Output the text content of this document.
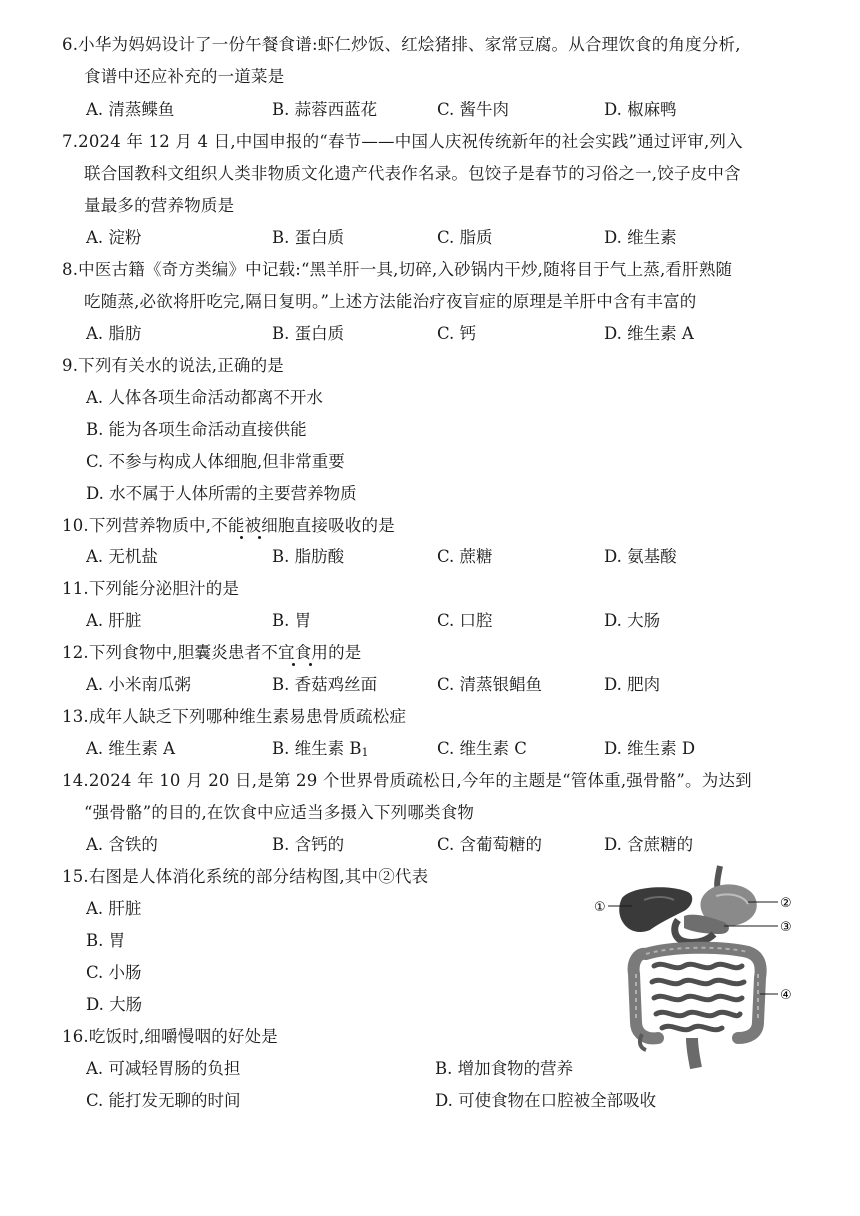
6.小华为妈妈设计了一份午餐食谱:虾仁炒饭、红烩猪排、家常豆腐。从合理饮食的角度分析,
食谱中还应补充的一道菜是
A. 清蒸鲽鱼	B. 蒜蓉西蓝花	C. 酱牛肉	D. 椒麻鸭
7.2024 年 12 月 4 日,中国申报的“春节——中国人庆祝传统新年的社会实践”通过评审,列入
联合国教科文组织人类非物质文化遗产代表作名录。包饺子是春节的习俗之一,饺子皮中含
量最多的营养物质是
A. 淀粉	B. 蛋白质	C. 脂质	D. 维生素
8.中医古籍《奇方类编》中记载:“黑羊肝一具,切碎,入砂锅内干炒,随将目于气上蒸,看肝熟随
吃随蒸,必欲将肝吃完,隔日复明。”上述方法能治疗夜盲症的原理是羊肝中含有丰富的
A. 脂肪	B. 蛋白质	C. 钙	D. 维生素 A
9.下列有关水的说法,正确的是
A. 人体各项生命活动都离不开水
B. 能为各项生命活动直接供能
C. 不参与构成人体细胞,但非常重要
D. 水不属于人体所需的主要营养物质
10.下列营养物质中,不能被细胞直接吸收的是
A. 无机盐	B. 脂肪酸	C. 蔗糖	D. 氨基酸
11.下列能分泌胆汁的是
A. 肝脏	B. 胃	C. 口腔	D. 大肠
12.下列食物中,胆囊炎患者不宜食用的是
A. 小米南瓜粥	B. 香菇鸡丝面	C. 清蒸银鲳鱼	D. 肥肉
13.成年人缺乏下列哪种维生素易患骨质疏松症
A. 维生素 A	B. 维生素 $B_1$	C. 维生素 C	D. 维生素 D
14.2024 年 10 月 20 日,是第 29 个世界骨质疏松日,今年的主题是“管体重,强骨骼”。为达到
“强骨骼”的目的,在饮食中应适当多摄入下列哪类食物
A. 含铁的	B. 含钙的	C. 含葡萄糖的	D. 含蔗糖的
15.右图是人体消化系统的部分结构图,其中②代表
A. 肝脏
B. 胃
C. 小肠
D. 大肠
①	②
③
④
16.吃饭时,细嚼慢咽的好处是
A. 可减轻胃肠的负担	B. 增加食物的营养
C. 能打发无聊的时间	D. 可使食物在口腔被全部吸收
